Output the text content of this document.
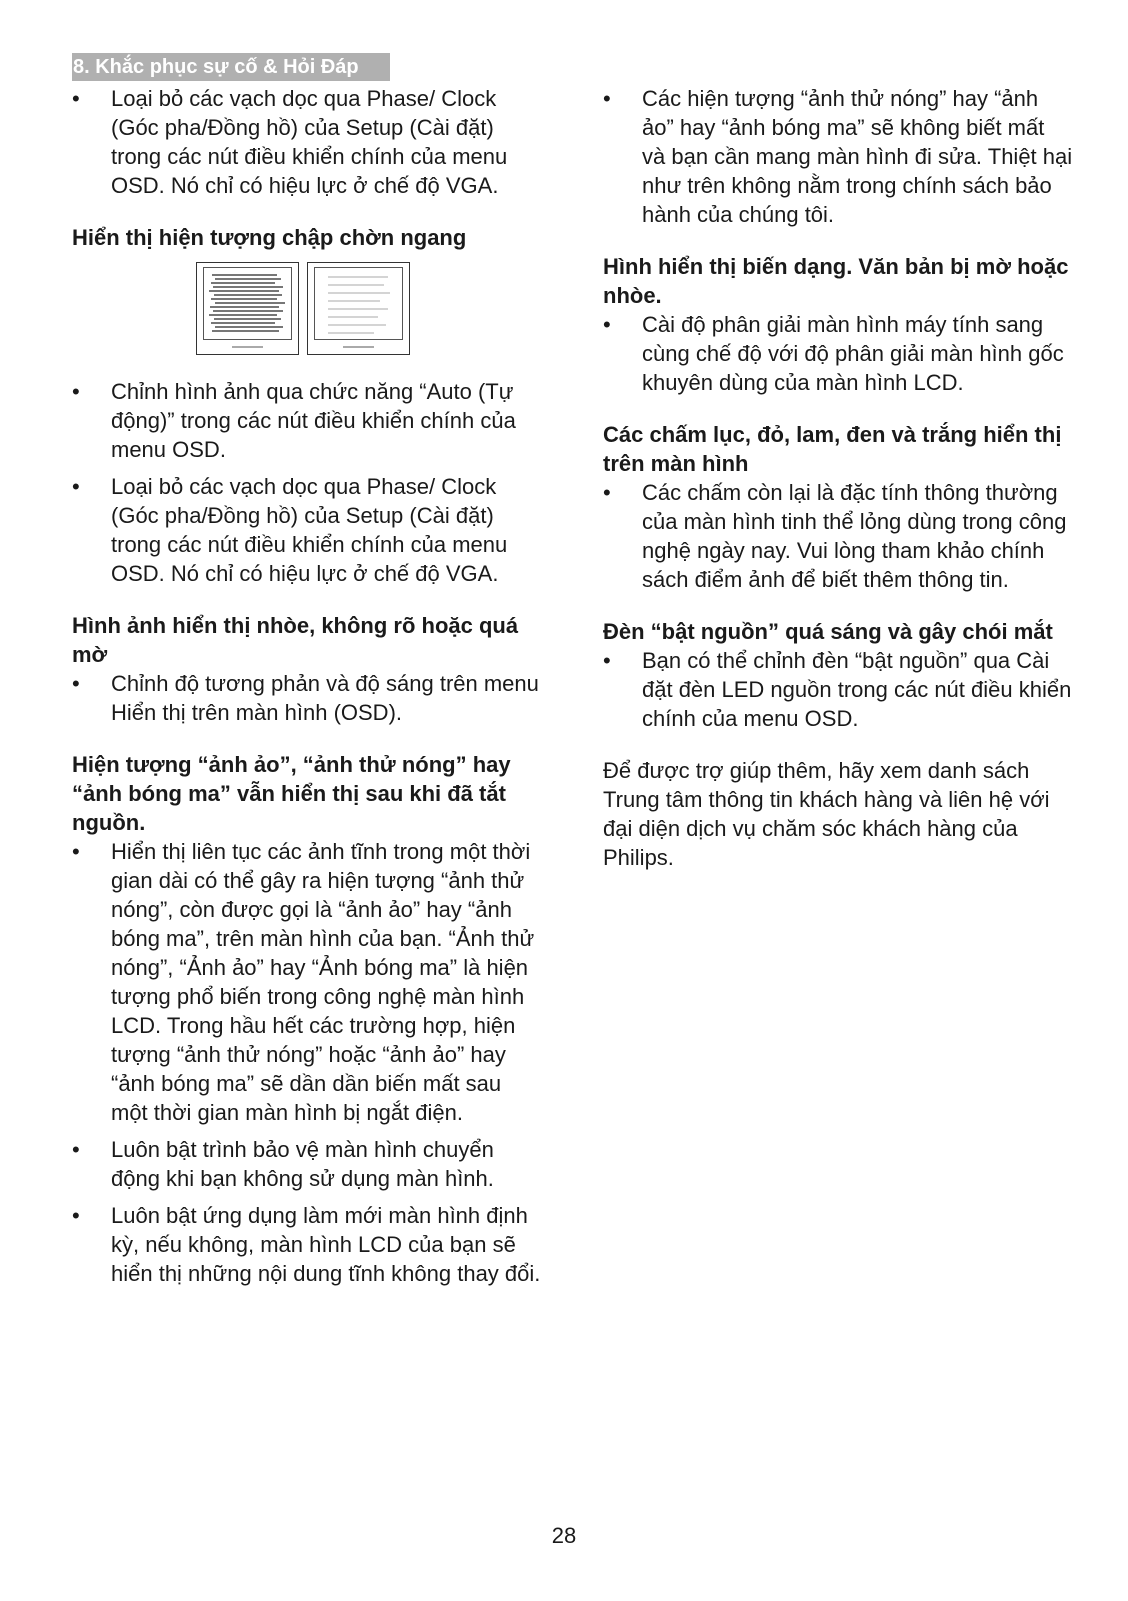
8. Khắc phục sự cố & Hỏi Đáp
•	Loại bỏ các vạch dọc qua Phase/ Clock (Góc pha/Đồng hồ) của Setup (Cài đặt) trong các nút điều khiển chính của menu OSD. Nó chỉ có hiệu lực ở chế độ VGA.

Hiển thị hiện tượng chập chờn ngang

•	Chỉnh hình ảnh qua chức năng “Auto (Tự động)” trong các nút điều khiển chính của menu OSD.
•	Loại bỏ các vạch dọc qua Phase/ Clock (Góc pha/Đồng hồ) của Setup (Cài đặt) trong các nút điều khiển chính của menu OSD. Nó chỉ có hiệu lực ở chế độ VGA.

Hình ảnh hiển thị nhòe, không rõ hoặc quá mờ

•	Chỉnh độ tương phản và độ sáng trên menu Hiển thị trên màn hình (OSD).

Hiện tượng “ảnh ảo”, “ảnh thử nóng” hay “ảnh bóng ma” vẫn hiển thị sau khi đã tắt nguồn.

•	Hiển thị liên tục các ảnh tĩnh trong một thời gian dài có thể gây ra hiện tượng “ảnh thử nóng”, còn được gọi là “ảnh ảo” hay “ảnh bóng ma”, trên màn hình của bạn. “Ảnh thử nóng”, “Ảnh ảo” hay “Ảnh bóng ma” là hiện tượng phổ biến trong công nghệ màn hình LCD. Trong hầu hết các trường hợp, hiện tượng “ảnh thử nóng” hoặc “ảnh ảo” hay “ảnh bóng ma” sẽ dần dần biến mất sau một thời gian màn hình bị ngắt điện.
•	Luôn bật trình bảo vệ màn hình chuyển động khi bạn không sử dụng màn hình.
•	Luôn bật ứng dụng làm mới màn hình định kỳ, nếu không, màn hình LCD của bạn sẽ hiển thị những nội dung tĩnh không thay đổi.
•	Các hiện tượng “ảnh thử nóng” hay “ảnh ảo” hay “ảnh bóng ma” sẽ không biết mất và bạn cần mang màn hình đi sửa. Thiệt hại như trên không nằm trong chính sách bảo hành của chúng tôi.

Hình hiển thị biến dạng. Văn bản bị mờ hoặc nhòe.

•	Cài độ phân giải màn hình máy tính sang cùng chế độ với độ phân giải màn hình gốc khuyên dùng của màn hình LCD.

Các chấm lục, đỏ, lam, đen và trắng hiển thị trên màn hình

•	Các chấm còn lại là đặc tính thông thường của màn hình tinh thể lỏng dùng trong công nghệ ngày nay. Vui lòng tham khảo chính sách điểm ảnh để biết thêm thông tin.

Đèn “bật nguồn” quá sáng và gây chói mắt

•	Bạn có thể chỉnh đèn “bật nguồn” qua Cài đặt đèn LED nguồn trong các nút điều khiển chính của menu OSD.

Để được trợ giúp thêm, hãy xem danh sách Trung tâm thông tin khách hàng và liên hệ với đại diện dịch vụ chăm sóc khách hàng của Philips.

28
